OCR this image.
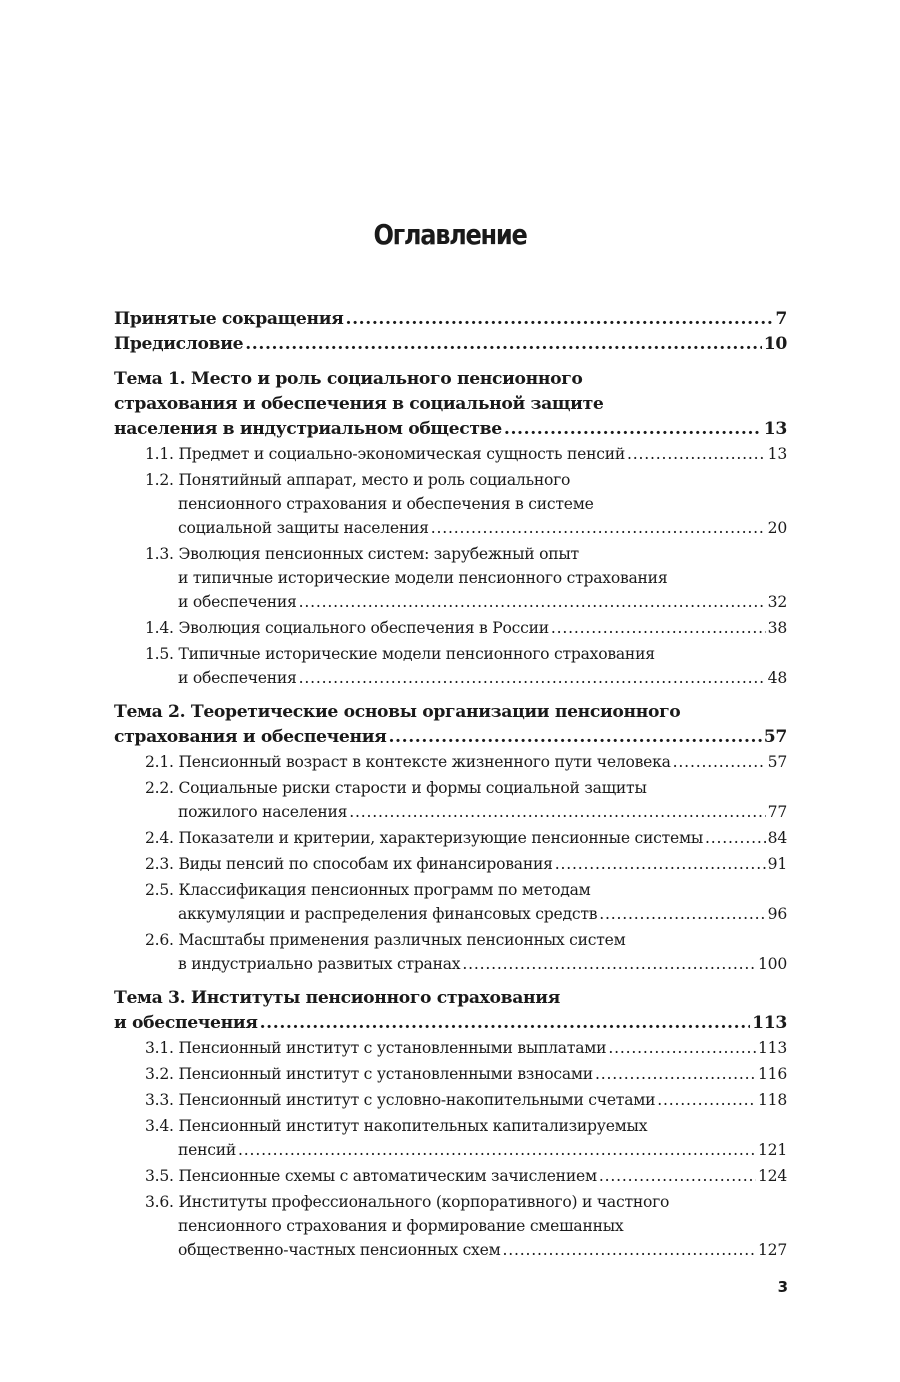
Оглавление
Принятые сокращения .....	7
Предисловие .....	10
Тема 1. Место и роль социального пенсионного
страхования и обеспечения в социальной защите
населения в индустриальном обществе .....	13
1.1. Предмет и социально-экономическая сущность пенсий .....	13
1.2. Понятийный аппарат, место и роль социального
пенсионного страхования и обеспечения в системе
социальной защиты населения .....	20
1.3. Эволюция пенсионных систем: зарубежный опыт
и типичные исторические модели пенсионного страхования
и обеспечения .....	32
1.4. Эволюция социального обеспечения в России .....	38
1.5. Типичные исторические модели пенсионного страхования
и обеспечения .....	48
Тема 2. Теоретические основы организации пенсионного
страхования и обеспечения .....	57
2.1. Пенсионный возраст в контексте жизненного пути человека .....	57
2.2. Социальные риски старости и формы социальной защиты
пожилого населения .....	77
2.4. Показатели и критерии, характеризующие пенсионные системы .....	84
2.3. Виды пенсий по способам их финансирования .....	91
2.5. Классификация пенсионных программ по методам
аккумуляции и распределения финансовых средств .....	96
2.6. Масштабы применения различных пенсионных систем
в индустриально развитых странах .....	100
Тема 3. Институты пенсионного страхования
и обеспечения .....	113
3.1. Пенсионный институт с установленными выплатами .....	113
3.2. Пенсионный институт с установленными взносами .....	116
3.3. Пенсионный институт с условно-накопительными счетами .....	118
3.4. Пенсионный институт накопительных капитализируемых
пенсий .....	121
3.5. Пенсионные схемы с автоматическим зачислением .....	124
3.6. Институты профессионального (корпоративного) и частного
пенсионного страхования и формирование смешанных
общественно-частных пенсионных схем .....	127
3
